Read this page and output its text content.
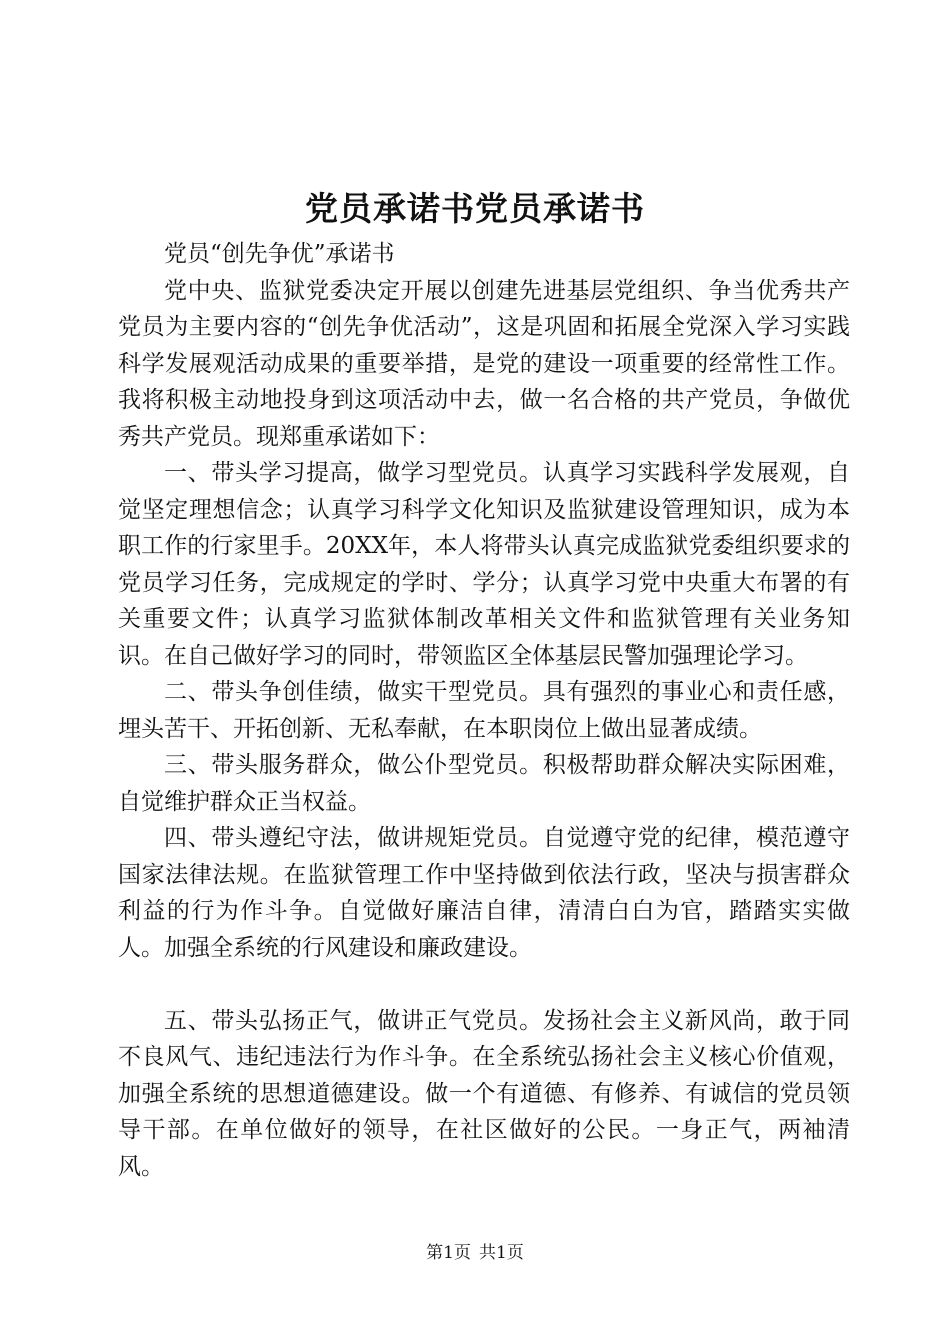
党员承诺书党员承诺书

党员“创先争优”承诺书

党中央、监狱党委决定开展以创建先进基层党组织、争当优秀共产党员为主要内容的“创先争优活动”，这是巩固和拓展全党深入学习实践科学发展观活动成果的重要举措，是党的建设一项重要的经常性工作。我将积极主动地投身到这项活动中去，做一名合格的共产党员，争做优秀共产党员。现郑重承诺如下：

一、带头学习提高，做学习型党员。认真学习实践科学发展观，自觉坚定理想信念；认真学习科学文化知识及监狱建设管理知识，成为本职工作的行家里手。20XX年，本人将带头认真完成监狱党委组织要求的党员学习任务，完成规定的学时、学分；认真学习党中央重大布署的有关重要文件；认真学习监狱体制改革相关文件和监狱管理有关业务知识。在自己做好学习的同时，带领监区全体基层民警加强理论学习。

二、带头争创佳绩，做实干型党员。具有强烈的事业心和责任感，埋头苦干、开拓创新、无私奉献，在本职岗位上做出显著成绩。

三、带头服务群众，做公仆型党员。积极帮助群众解决实际困难，自觉维护群众正当权益。

四、带头遵纪守法，做讲规矩党员。自觉遵守党的纪律，模范遵守国家法律法规。在监狱管理工作中坚持做到依法行政，坚决与损害群众利益的行为作斗争。自觉做好廉洁自律，清清白白为官，踏踏实实做人。加强全系统的行风建设和廉政建设。

五、带头弘扬正气，做讲正气党员。发扬社会主义新风尚，敢于同不良风气、违纪违法行为作斗争。在全系统弘扬社会主义核心价值观，加强全系统的思想道德建设。做一个有道德、有修养、有诚信的党员领导干部。在单位做好的领导，在社区做好的公民。一身正气，两袖清风。

第1页 共1页
